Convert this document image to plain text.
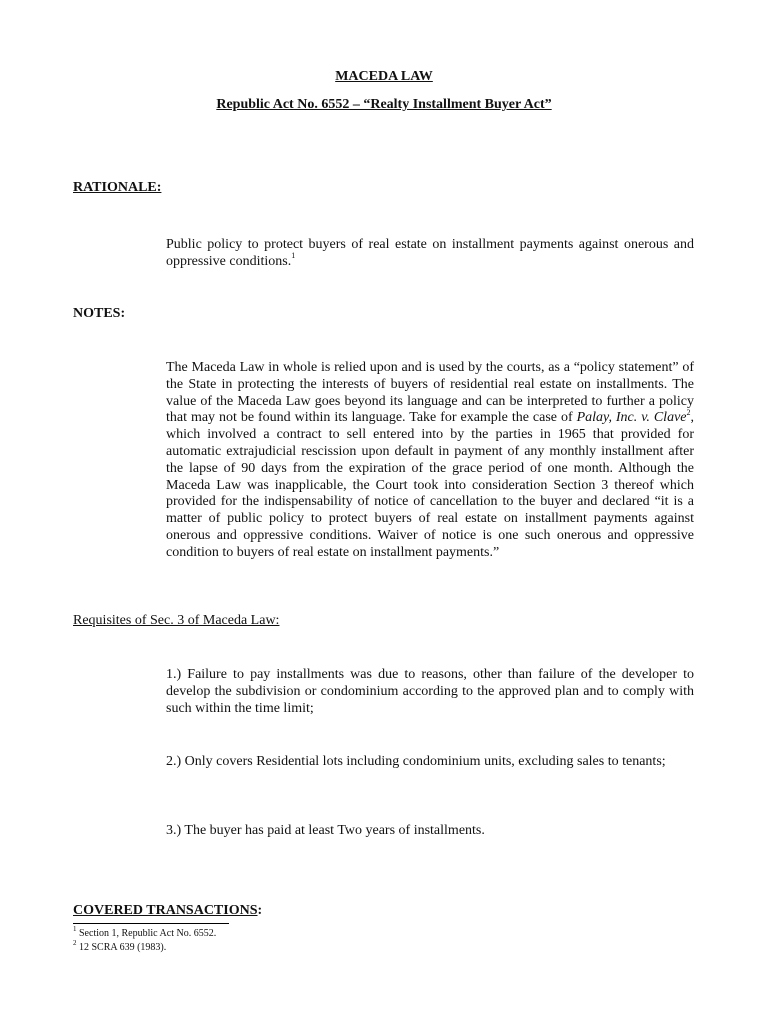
MACEDA LAW
Republic Act No. 6552 – “Realty Installment Buyer Act”
RATIONALE:
Public policy to protect buyers of real estate on installment payments against onerous and oppressive conditions.$^1$
NOTES:
The Maceda Law in whole is relied upon and is used by the courts, as a “policy statement” of the State in protecting the interests of buyers of residential real estate on installments. The value of the Maceda Law goes beyond its language and can be interpreted to further a policy that may not be found within its language. Take for example the case of Palay, Inc. v. Clave$^2$, which involved a contract to sell entered into by the parties in 1965 that provided for automatic extrajudicial rescission upon default in payment of any monthly installment after the lapse of 90 days from the expiration of the grace period of one month. Although the Maceda Law was inapplicable, the Court took into consideration Section 3 thereof which provided for the indispensability of notice of cancellation to the buyer and declared “it is a matter of public policy to protect buyers of real estate on installment payments against onerous and oppressive conditions. Waiver of notice is one such onerous and oppressive condition to buyers of real estate on installment payments.”
Requisites of Sec. 3 of Maceda Law:
1.) Failure to pay installments was due to reasons, other than failure of the developer to develop the subdivision or condominium according to the approved plan and to comply with such within the time limit;
2.) Only covers Residential lots including condominium units, excluding sales to tenants;
3.) The buyer has paid at least Two years of installments.
COVERED TRANSACTIONS:
$^1$ Section 1, Republic Act No. 6552.
$^2$ 12 SCRA 639 (1983).
